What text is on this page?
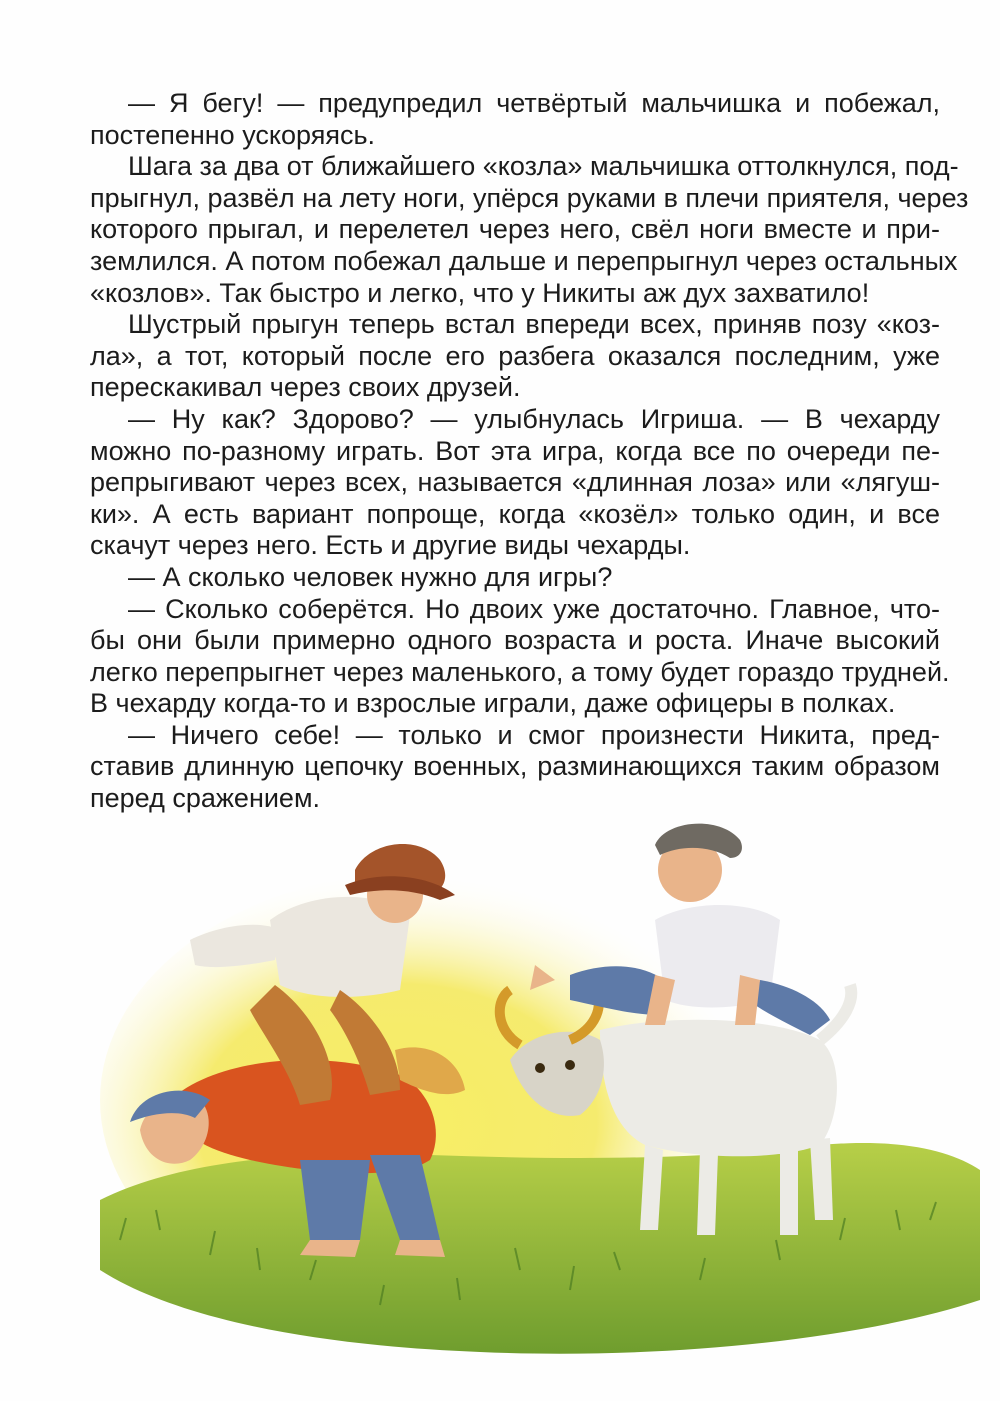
— Я бегу! — предупредил четвёртый мальчишка и побежал,
постепенно ускоряясь.
Шага за два от ближайшего «козла» мальчишка оттолкнулся, под-
прыгнул, развёл на лету ноги, упёрся руками в плечи приятеля, через
которого прыгал, и перелетел через него, свёл ноги вместе и при-
землился. А потом побежал дальше и перепрыгнул через остальных
«козлов». Так быстро и легко, что у Никиты аж дух захватило!
Шустрый прыгун теперь встал впереди всех, приняв позу «коз-
ла», а тот, который после его разбега оказался последним, уже
перескакивал через своих друзей.
— Ну как? Здорово? — улыбнулась Игриша. — В чехарду
можно по-разному играть. Вот эта игра, когда все по очереди пе-
репрыгивают через всех, называется «длинная лоза» или «лягуш-
ки». А есть вариант попроще, когда «козёл» только один, и все
скачут через него. Есть и другие виды чехарды.
— А сколько человек нужно для игры?
— Сколько соберётся. Но двоих уже достаточно. Главное, что-
бы они были примерно одного возраста и роста. Иначе высокий
легко перепрыгнет через маленького, а тому будет гораздо трудней.
В чехарду когда-то и взрослые играли, даже офицеры в полках.
— Ничего себе! — только и смог произнести Никита, пред-
ставив длинную цепочку военных, разминающихся таким образом
перед сражением.
